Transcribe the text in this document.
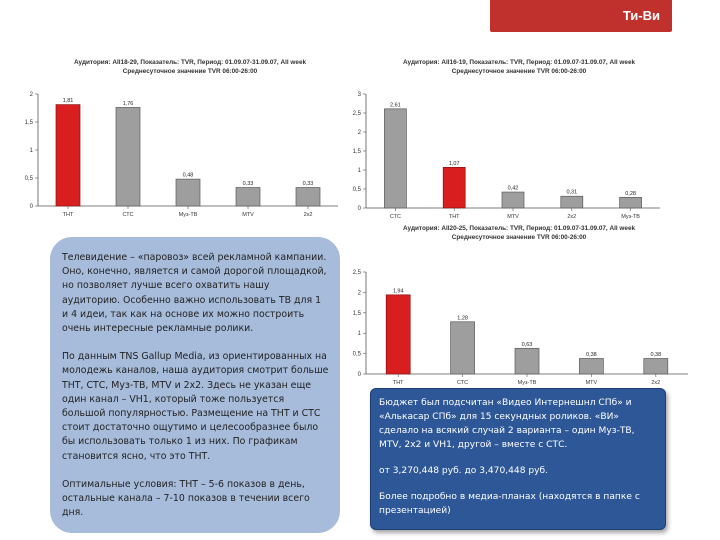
Ти-Ви
Аудитория: All18-29, Показатель: TVR, Период: 01.09.07-31.09.07, All week
Среднесуточное значение TVR 06:00-26:00
0
0,5
1
1,5
2
1,81
ТНТ
1,76
СТС
0,48
Муз-ТВ
0,33
MTV
0,33
2х2
Аудитория: All16-19, Показатель: TVR, Период: 01.09.07-31.09.07, All week
Среднесуточное значение TVR 06:00-26:00
0
0,5
1
1,5
2
2,5
3
2,61
СТС
1,07
ТНТ
0,42
MTV
0,31
2х2
0,28
Муз-ТВ
Аудитория: All20-25, Показатель: TVR, Период: 01.09.07-31.09.07, All week
Среднесуточное значение TVR 06:00-26:00
0
0,5
1
1,5
2
2,5
1,94
ТНТ
1,28
СТС
0,63
Муз-ТВ
0,38
MTV
0,38
2х2

Телевидение – «паровоз» всей рекламной кампании. Оно, конечно, является и самой дорогой площадкой, но позволяет лучше всего охватить нашу аудиторию. Особенно важно использовать ТВ для 1 и 4 идеи, так как на основе их можно построить очень интересные рекламные ролики.

По данным TNS Gallup Media, из ориентированных на молодежь каналов, наша аудитория смотрит больше ТНТ, СТС, Муз-ТВ, MTV и 2х2. Здесь не указан еще один канал – VH1, который тоже пользуется большой популярностью. Размещение на ТНТ и СТС стоит достаточно ощутимо и целесообразнее было бы использовать только 1 из них. По графикам становится ясно, что это ТНТ.

Оптимальные условия: ТНТ – 5-6 показов в день, остальные канала – 7-10 показов в течении всего дня.

Бюджет был подсчитан «Видео Интернешнл СПб» и «Алькасар СПб» для 15 секундных роликов. «ВИ» сделало на всякий случай 2 варианта – один Муз-ТВ, MTV, 2х2 и VH1, другой – вместе с СТС.

от 3,270,448 руб. до 3,470,448 руб.

Более подробно в медиа-планах (находятся в папке с презентацией)
